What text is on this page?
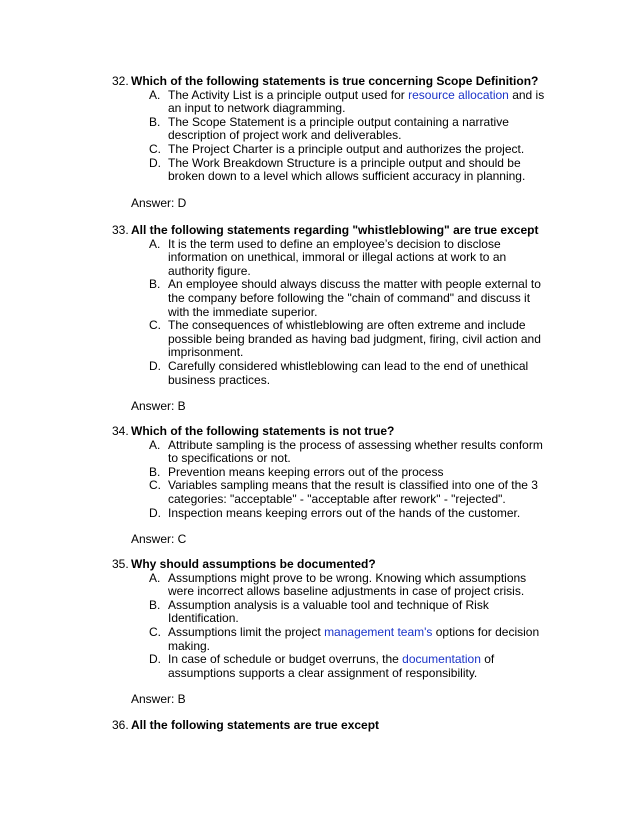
32. Which of the following statements is true concerning Scope Definition?
A. The Activity List is a principle output used for resource allocation and is an input to network diagramming.
B. The Scope Statement is a principle output containing a narrative description of project work and deliverables.
C. The Project Charter is a principle output and authorizes the project.
D. The Work Breakdown Structure is a principle output and should be broken down to a level which allows sufficient accuracy in planning.
Answer: D
33. All the following statements regarding "whistleblowing" are true except
A. It is the term used to define an employee’s decision to disclose information on unethical, immoral or illegal actions at work to an authority figure.
B. An employee should always discuss the matter with people external to the company before following the "chain of command" and discuss it with the immediate superior.
C. The consequences of whistleblowing are often extreme and include possible being branded as having bad judgment, firing, civil action and imprisonment.
D. Carefully considered whistleblowing can lead to the end of unethical business practices.
Answer: B
34. Which of the following statements is not true?
A. Attribute sampling is the process of assessing whether results conform to specifications or not.
B. Prevention means keeping errors out of the process
C. Variables sampling means that the result is classified into one of the 3 categories: "acceptable" - "acceptable after rework" - "rejected".
D. Inspection means keeping errors out of the hands of the customer.
Answer: C
35. Why should assumptions be documented?
A. Assumptions might prove to be wrong. Knowing which assumptions were incorrect allows baseline adjustments in case of project crisis.
B. Assumption analysis is a valuable tool and technique of Risk Identification.
C. Assumptions limit the project management team's options for decision making.
D. In case of schedule or budget overruns, the documentation of assumptions supports a clear assignment of responsibility.
Answer: B
36. All the following statements are true except
